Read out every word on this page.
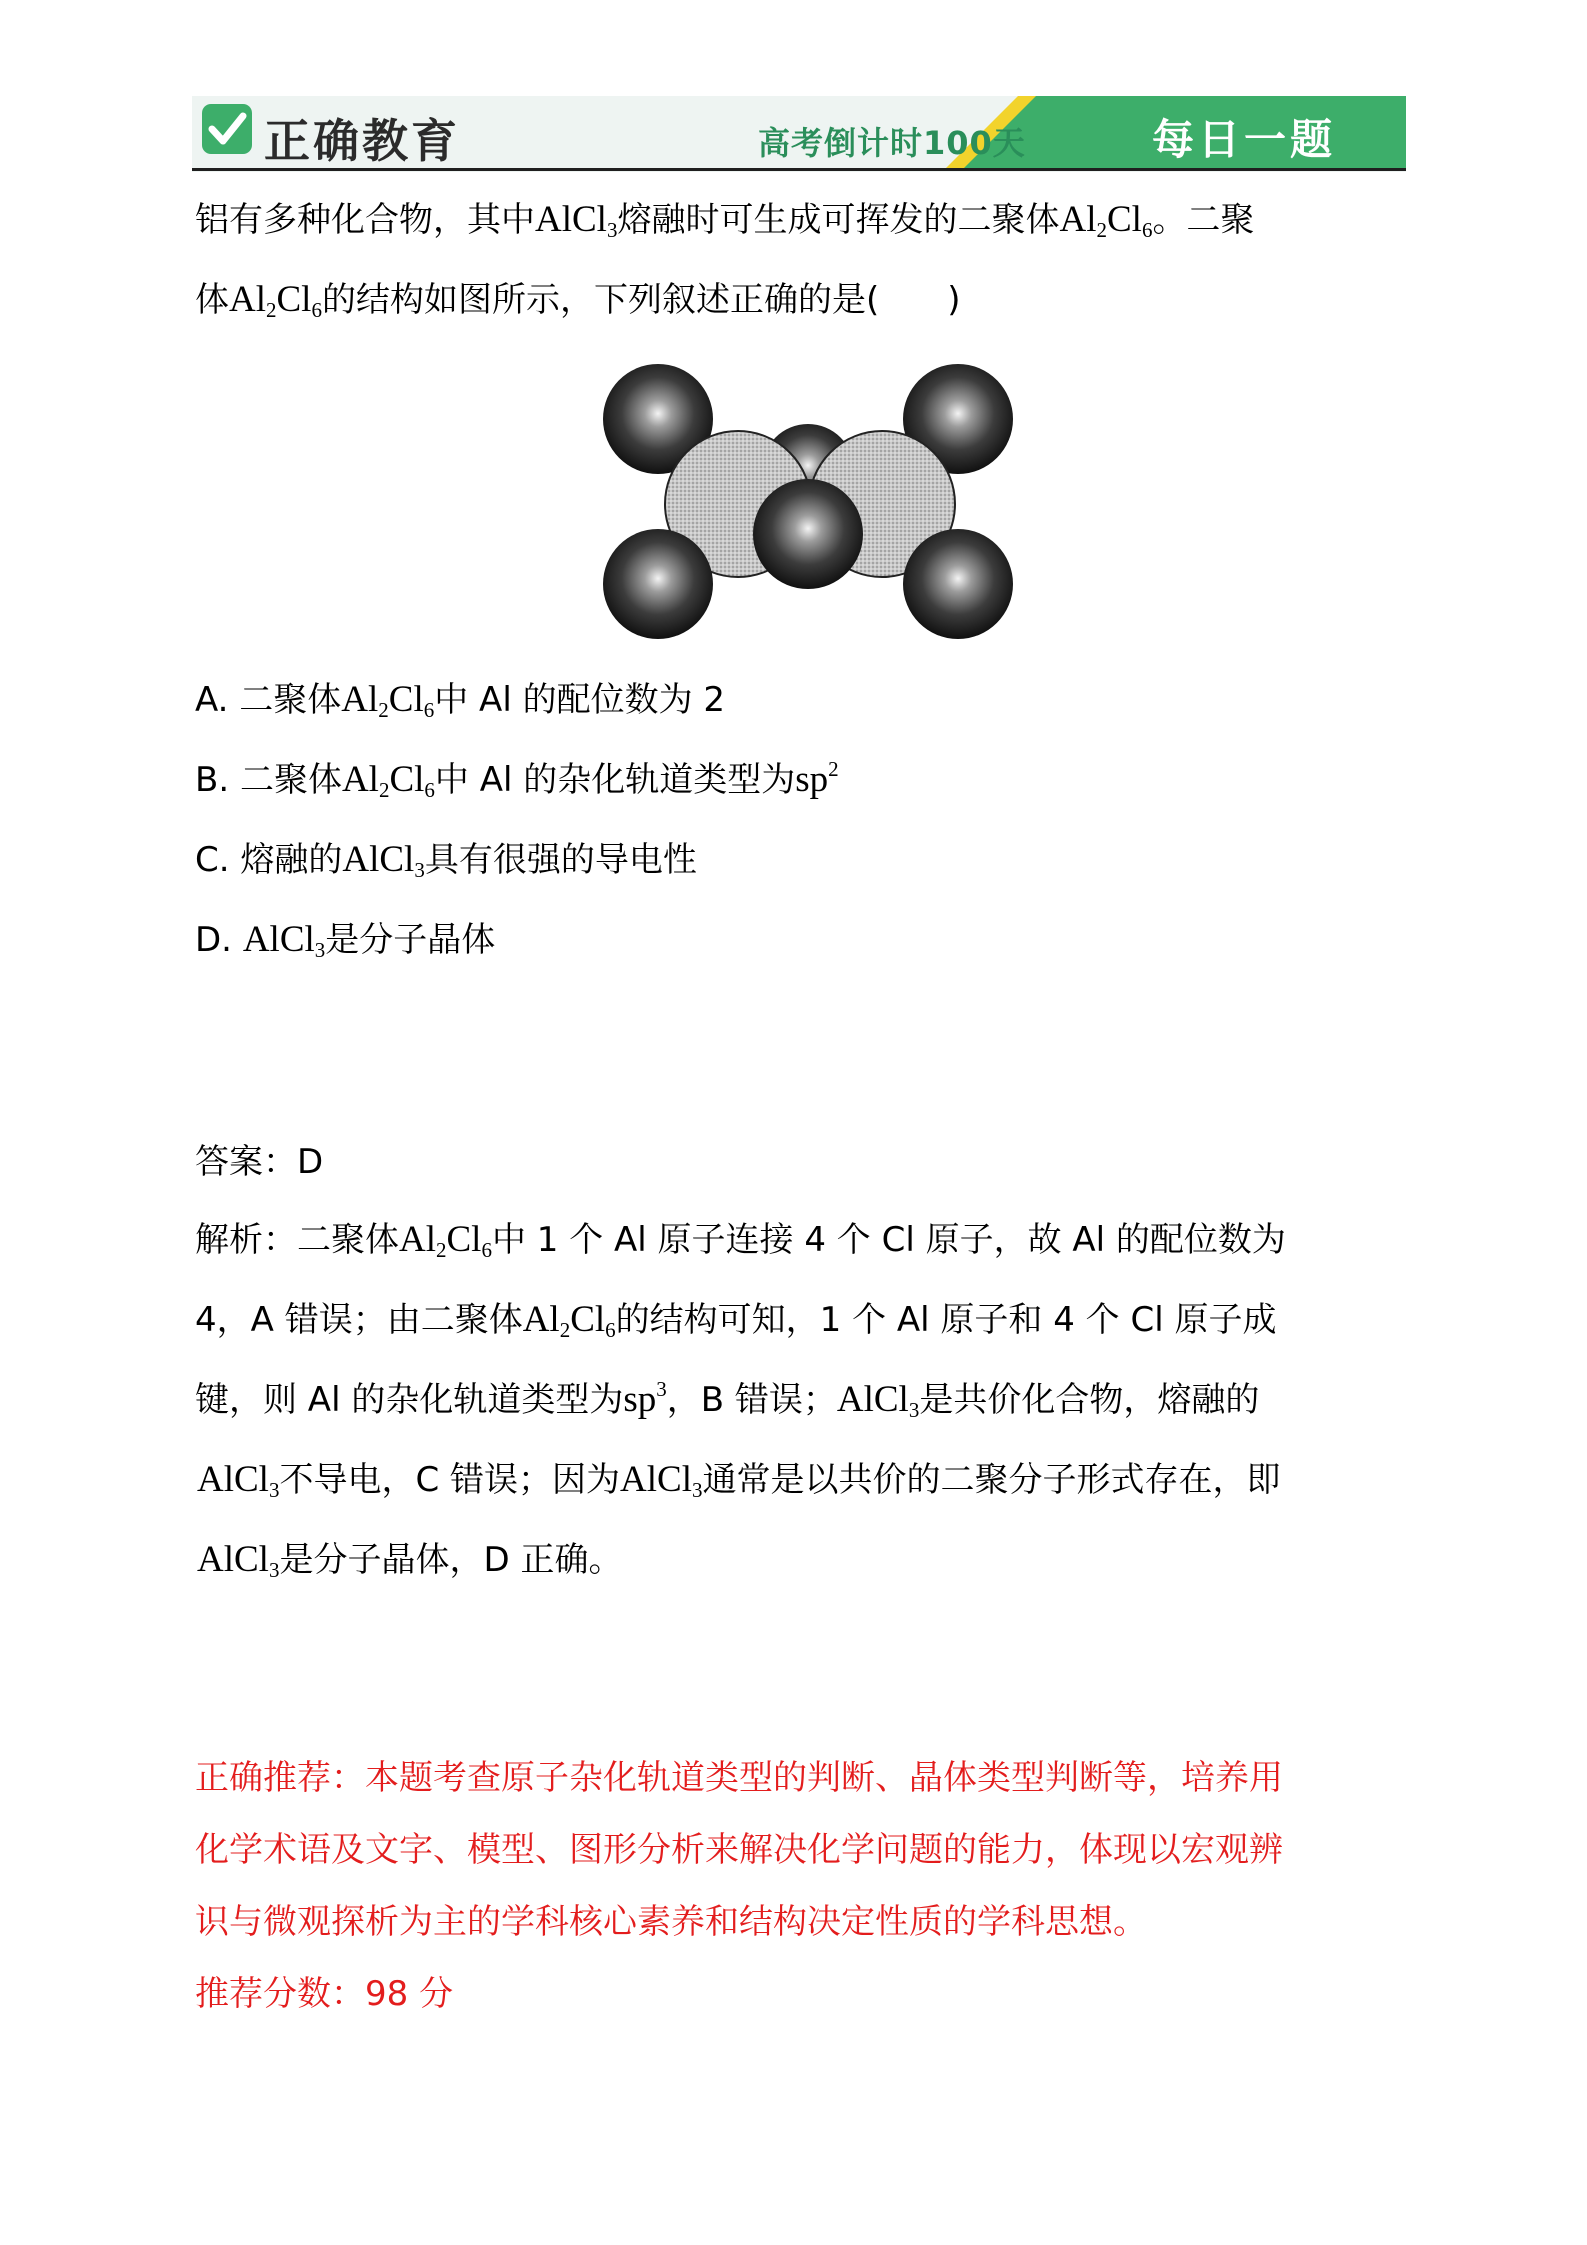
正确教育	高考倒计时100天	每日一题
铝有多种化合物，其中AlCl$_3$熔融时可生成可挥发的二聚体$Al_2Cl_6$。二聚
体$Al_2Cl_6$的结构如图所示，下列叙述正确的是(　　)
A. 二聚体$Al_2Cl_6$中 Al 的配位数为 2
B. 二聚体$Al_2Cl_6$中 Al 的杂化轨道类型为$sp^2$
C. 熔融的AlCl$_3$具有很强的导电性
D. AlCl$_3$是分子晶体
答案：D
解析：二聚体$Al_2Cl_6$中 1 个 Al 原子连接 4 个 Cl 原子，故 Al 的配位数为
4，A 错误；由二聚体$Al_2Cl_6$的结构可知，1 个 Al 原子和 4 个 Cl 原子成
键，则 Al 的杂化轨道类型为$sp^3$，B 错误；AlCl$_3$是共价化合物，熔融的
AlCl$_3$不导电，C 错误；因为AlCl$_3$通常是以共价的二聚分子形式存在，即
AlCl$_3$是分子晶体，D 正确。
正确推荐：本题考查原子杂化轨道类型的判断、晶体类型判断等，培养用
化学术语及文字、模型、图形分析来解决化学问题的能力，体现以宏观辨
识与微观探析为主的学科核心素养和结构决定性质的学科思想。
推荐分数：98 分
